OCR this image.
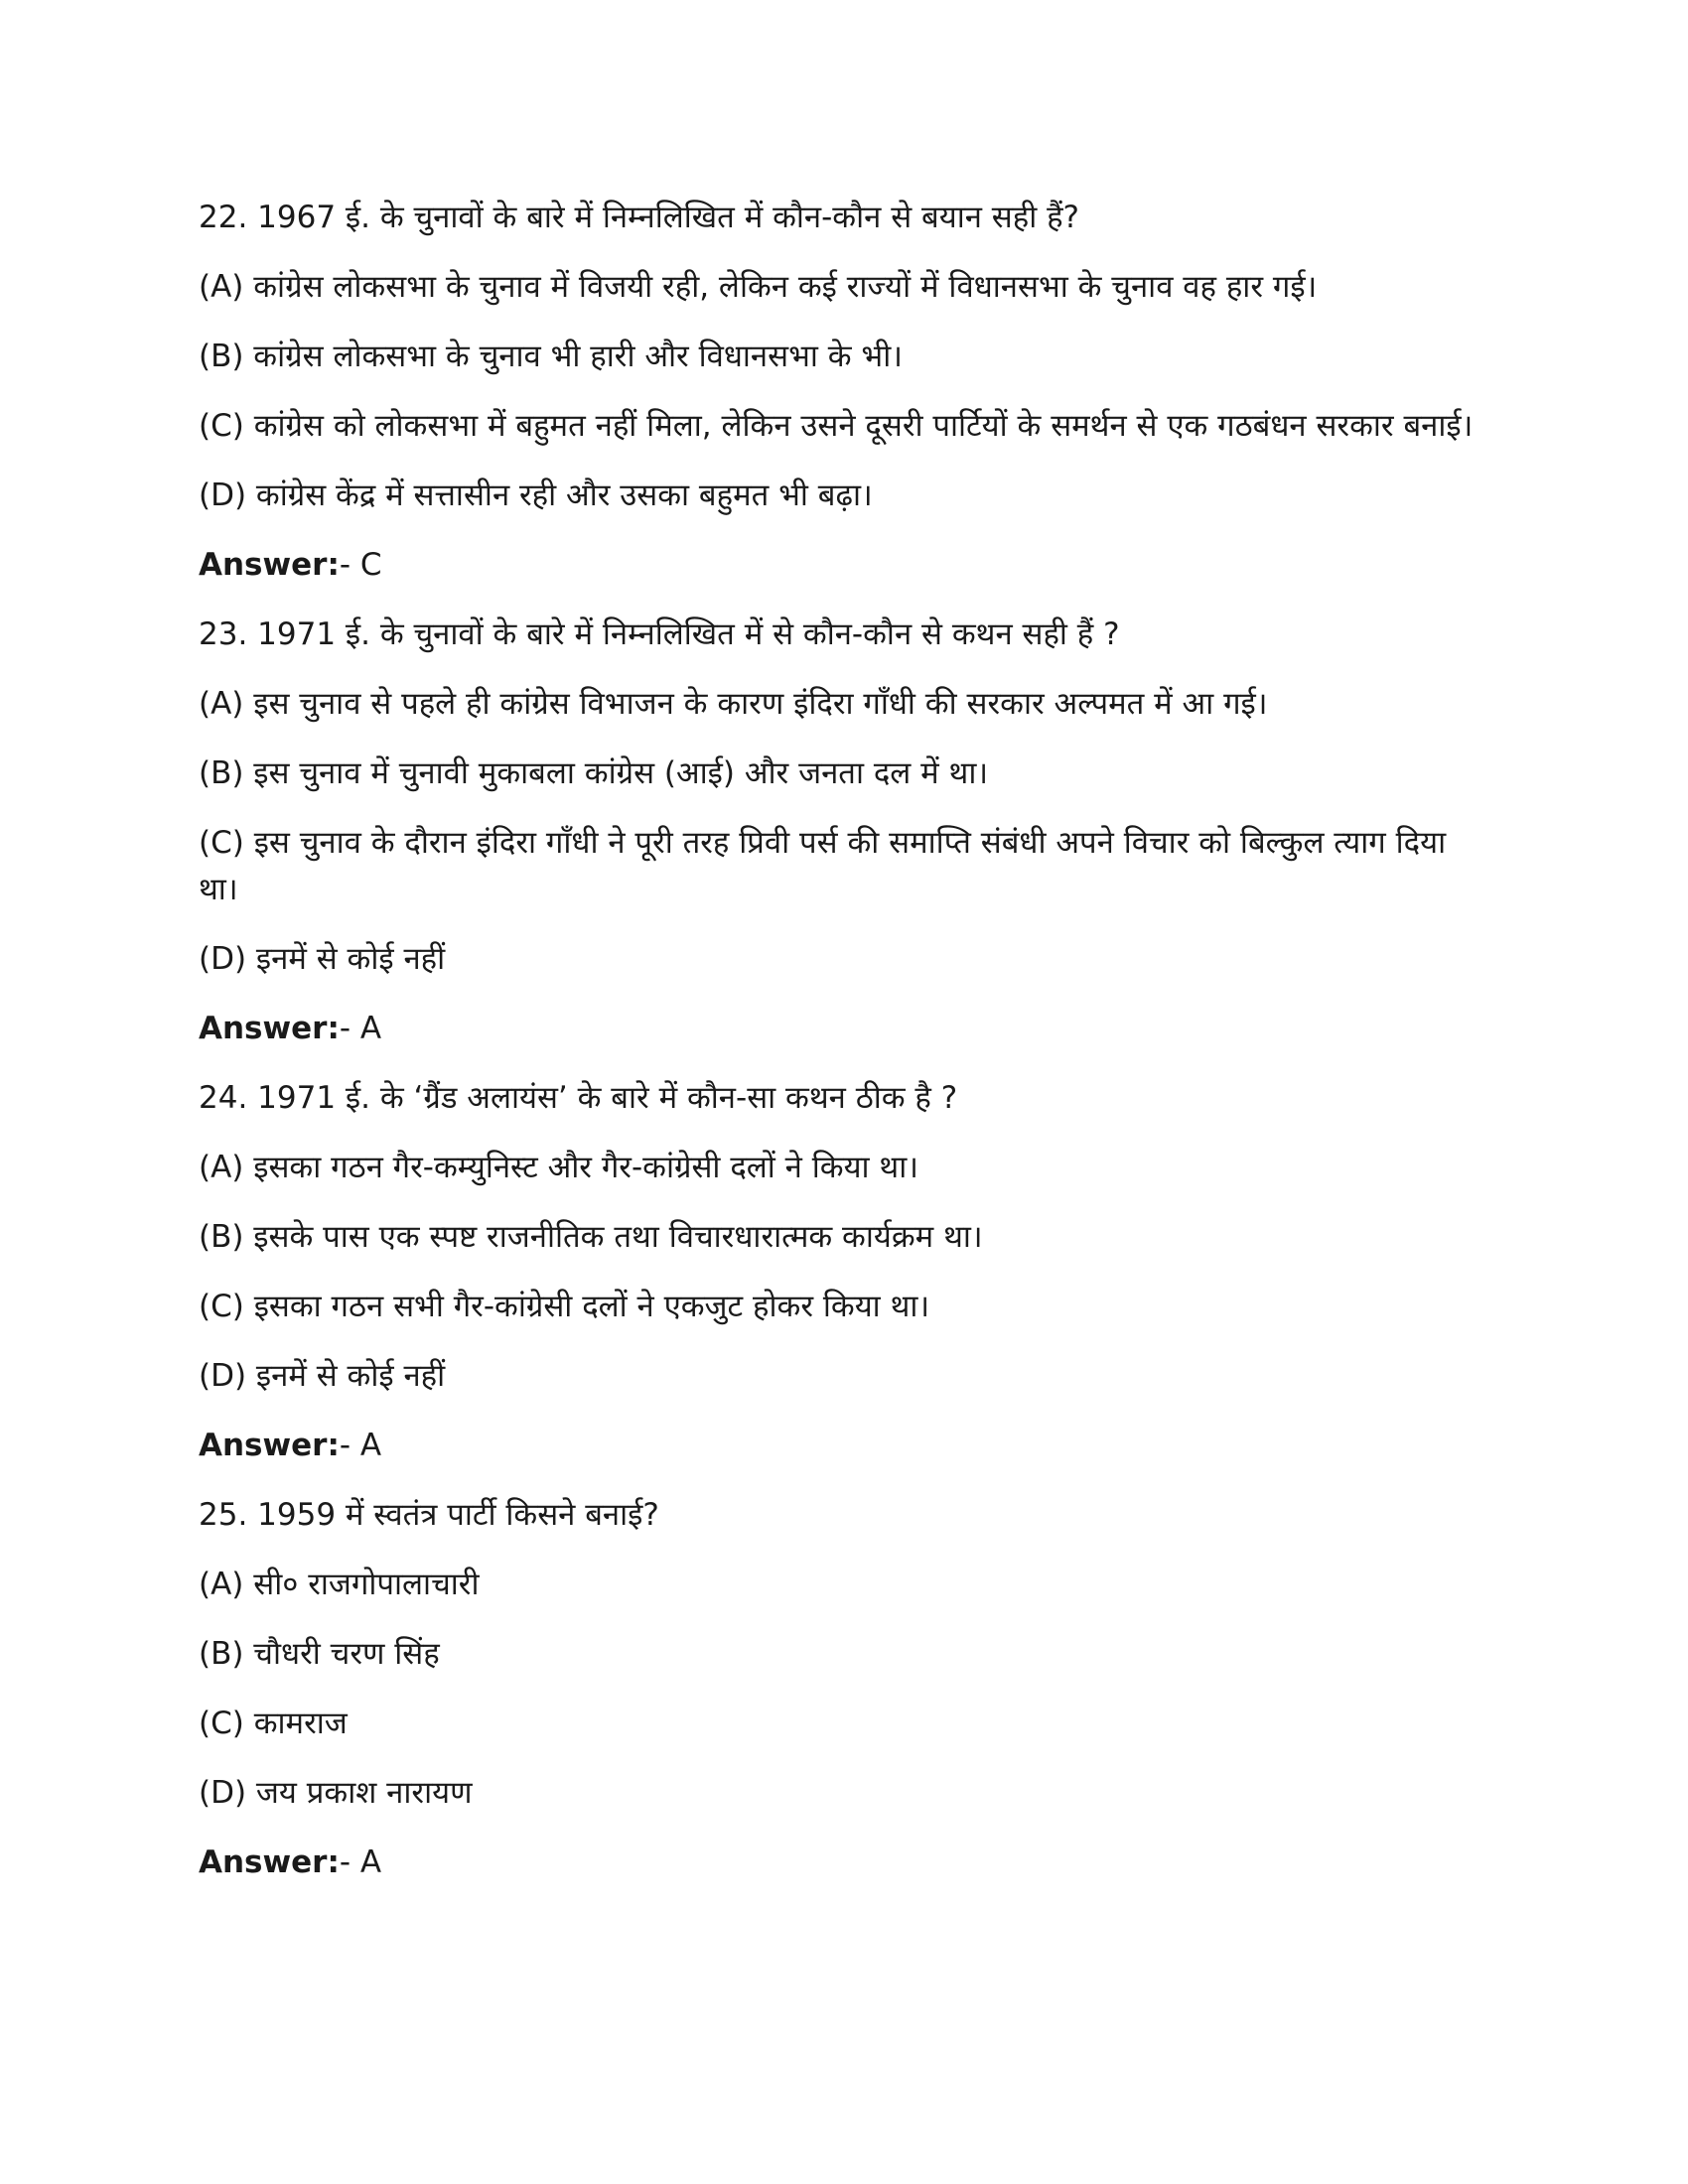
22. 1967 ई. के चुनावों के बारे में निम्नलिखित में कौन-कौन से बयान सही हैं?

(A) कांग्रेस लोकसभा के चुनाव में विजयी रही, लेकिन कई राज्यों में विधानसभा के चुनाव वह हार गई।

(B) कांग्रेस लोकसभा के चुनाव भी हारी और विधानसभा के भी।

(C) कांग्रेस को लोकसभा में बहुमत नहीं मिला, लेकिन उसने दूसरी पार्टियों के समर्थन से एक गठबंधन सरकार बनाई।

(D) कांग्रेस केंद्र में सत्तासीन रही और उसका बहुमत भी बढ़ा।

Answer:- C

23. 1971 ई. के चुनावों के बारे में निम्नलिखित में से कौन-कौन से कथन सही हैं ?

(A) इस चुनाव से पहले ही कांग्रेस विभाजन के कारण इंदिरा गाँधी की सरकार अल्पमत में आ गई।

(B) इस चुनाव में चुनावी मुकाबला कांग्रेस (आई) और जनता दल में था।

(C) इस चुनाव के दौरान इंदिरा गाँधी ने पूरी तरह प्रिवी पर्स की समाप्ति संबंधी अपने विचार को बिल्कुल त्याग दिया था।

(D) इनमें से कोई नहीं

Answer:- A

24. 1971 ई. के ‘ग्रैंड अलायंस’ के बारे में कौन-सा कथन ठीक है ?

(A) इसका गठन गैर-कम्युनिस्ट और गैर-कांग्रेसी दलों ने किया था।

(B) इसके पास एक स्पष्ट राजनीतिक तथा विचारधारात्मक कार्यक्रम था।

(C) इसका गठन सभी गैर-कांग्रेसी दलों ने एकजुट होकर किया था।

(D) इनमें से कोई नहीं

Answer:- A

25. 1959 में स्वतंत्र पार्टी किसने बनाई?

(A) सी० राजगोपालाचारी

(B) चौधरी चरण सिंह

(C) कामराज

(D) जय प्रकाश नारायण

Answer:- A
